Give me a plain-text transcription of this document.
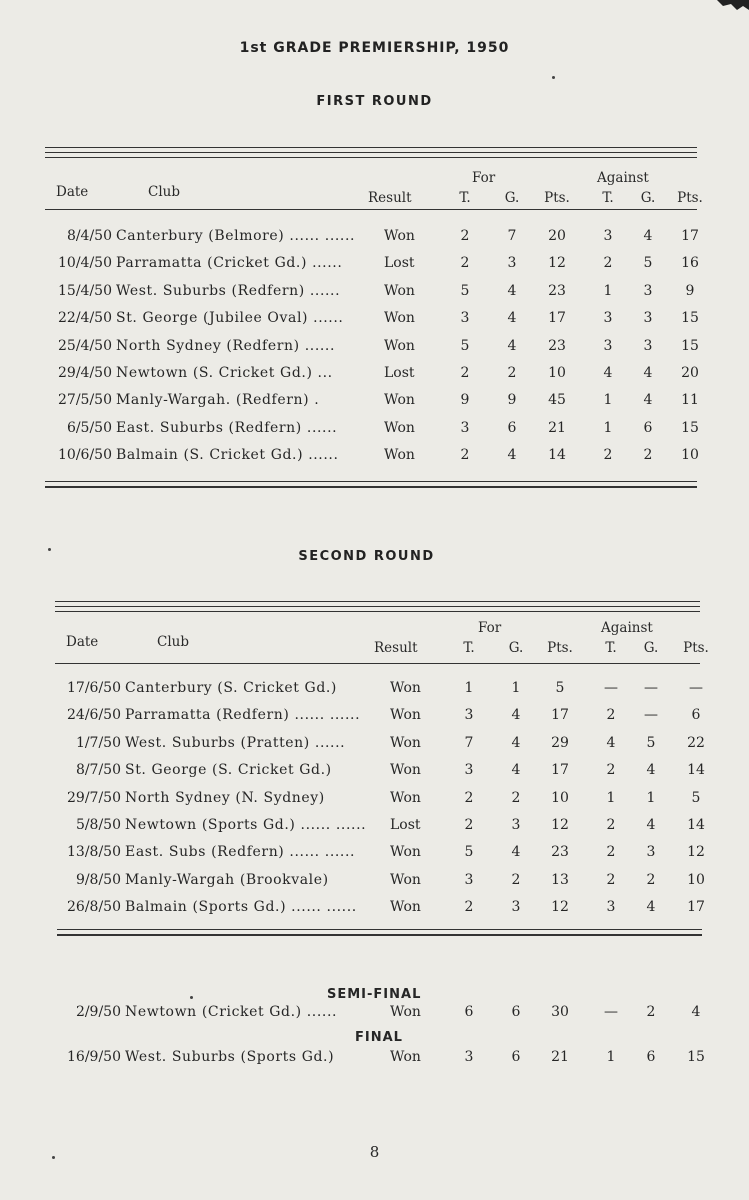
1st GRADE PREMIERSHIP, 1950
FIRST ROUND
Date	Club	Result
For	Against
T.	G.	Pts.	T.	G.	Pts.
8/4/50 Canterbury (Belmore) ...... ...... Won	2	7	20	3	4	17
10/4/50 Parramatta (Cricket Gd.) ......	Lost	2	3	12	2	5	16
15/4/50 West. Suburbs (Redfern) ......	Won	5	4	23	1	3	9
22/4/50 St. George (Jubilee Oval) ......	Won	3	4	17	3	3	15
25/4/50 North Sydney (Redfern) ......	Won	5	4	23	3	3	15
29/4/50 Newtown (S. Cricket Gd.) ...	Lost	2	2	10	4	4	20
27/5/50 Manly-Wargah. (Redfern) .	Won	9	9	45	1	4	11
6/5/50 East. Suburbs (Redfern) ......	Won	3	6	21	1	6	15
10/6/50 Balmain (S. Cricket Gd.) ......	Won	2	4	14	2	2	10
SECOND ROUND
Date	Club	Result
For	Against
T.	G.	Pts.	T.	G.	Pts.
17/6/50 Canterbury (S. Cricket Gd.)	Won	1	1	5	—	—	—
24/6/50 Parramatta (Redfern) ...... ...... Won	3	4	17	2	—	6
1/7/50 West. Suburbs (Pratten) ......	Won	7	4	29	4	5	22
8/7/50 St. George (S. Cricket Gd.)	Won	3	4	17	2	4	14
29/7/50 North Sydney (N. Sydney)	Won	2	2	10	1	1	5
5/8/50 Newtown (Sports Gd.) ...... ...... Lost	2	3	12	2	4	14
13/8/50 East. Subs (Redfern) ...... ...... Won	5	4	23	2	3	12
9/8/50 Manly-Wargah (Brookvale)	Won	3	2	13	2	2	10
26/8/50 Balmain (Sports Gd.) ...... ...... Won	2	3	12	3	4	17
SEMI-FINAL
2/9/50 Newtown (Cricket Gd.) ......	Won	6	6	30	—	2	4
FINAL
16/9/50 West. Suburbs (Sports Gd.)	Won	3	6	21	1	6	15
8
